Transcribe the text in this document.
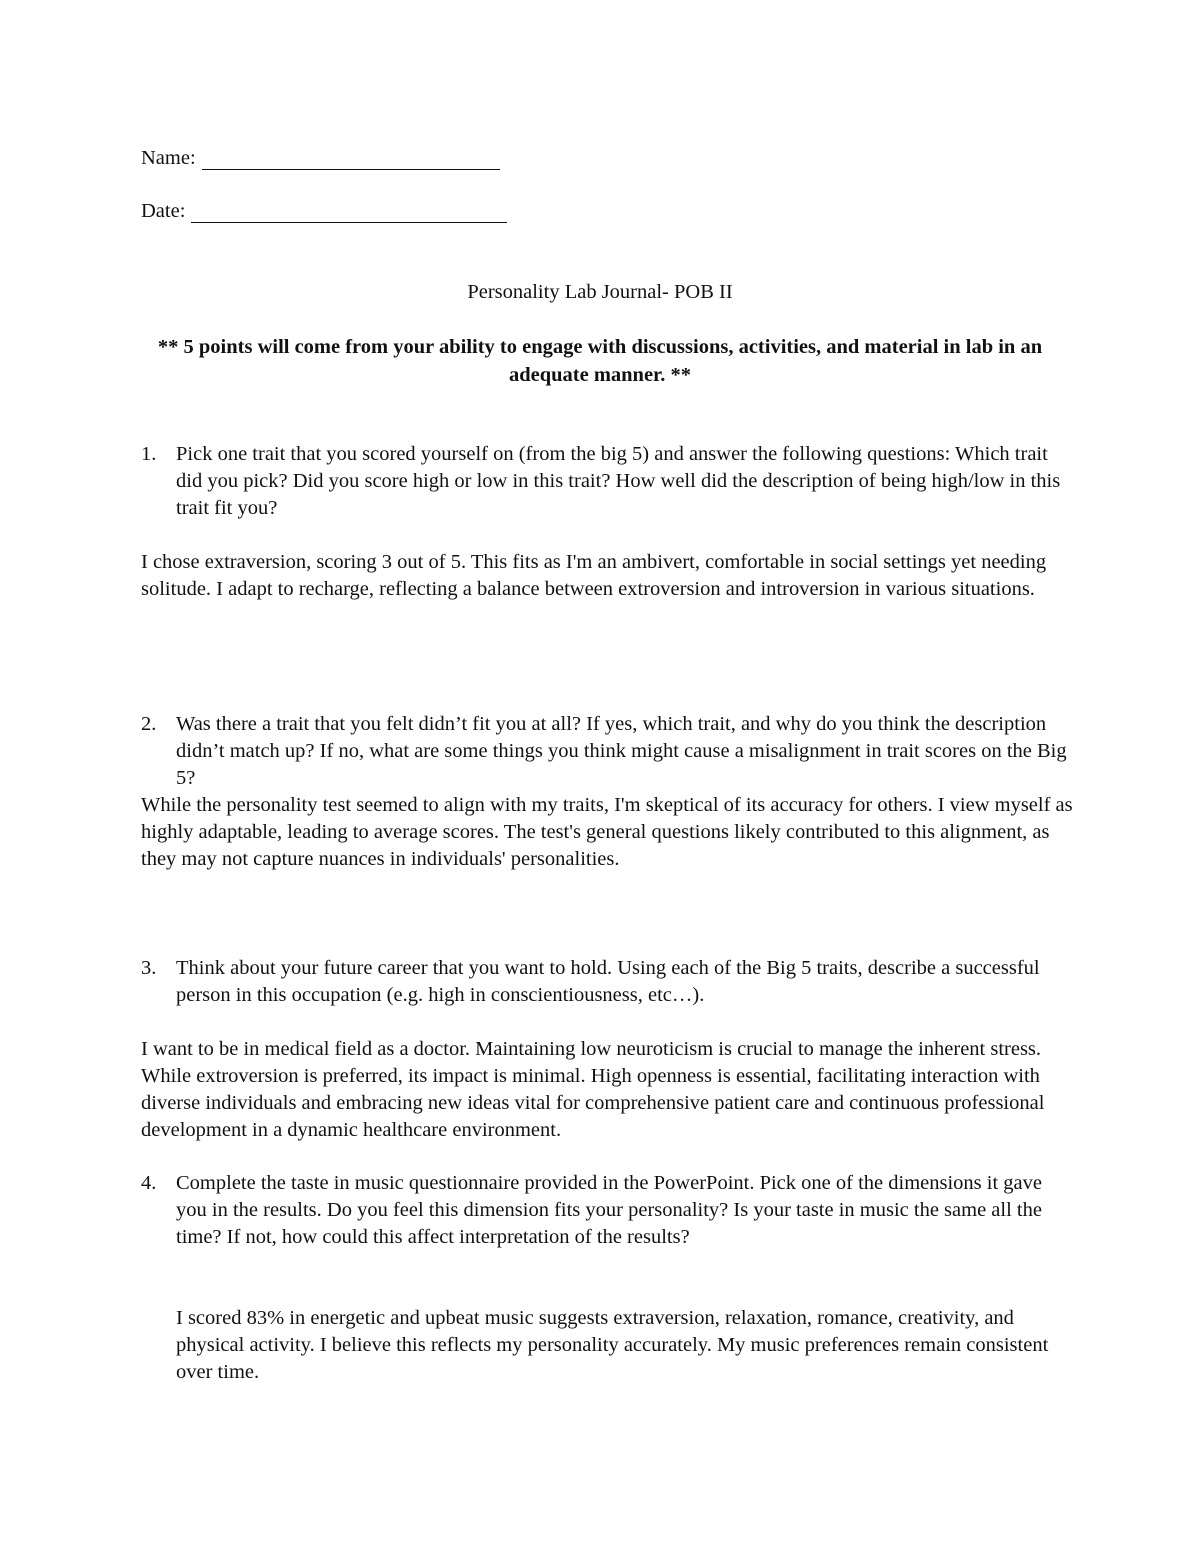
Name:
Date:
Personality Lab Journal- POB II
** 5 points will come from your ability to engage with discussions, activities, and material in lab in an adequate manner. **
1. Pick one trait that you scored yourself on (from the big 5) and answer the following questions: Which trait did you pick? Did you score high or low in this trait? How well did the description of being high/low in this trait fit you?
I chose extraversion, scoring 3 out of 5. This fits as I'm an ambivert, comfortable in social settings yet needing solitude. I adapt to recharge, reflecting a balance between extroversion and introversion in various situations.
2. Was there a trait that you felt didn’t fit you at all? If yes, which trait, and why do you think the description didn’t match up? If no, what are some things you think might cause a misalignment in trait scores on the Big 5?
While the personality test seemed to align with my traits, I'm skeptical of its accuracy for others. I view myself as highly adaptable, leading to average scores. The test's general questions likely contributed to this alignment, as they may not capture nuances in individuals' personalities.
3. Think about your future career that you want to hold. Using each of the Big 5 traits, describe a successful person in this occupation (e.g. high in conscientiousness, etc…).
I want to be in medical field as a doctor. Maintaining low neuroticism is crucial to manage the inherent stress. While extroversion is preferred, its impact is minimal. High openness is essential, facilitating interaction with diverse individuals and embracing new ideas vital for comprehensive patient care and continuous professional development in a dynamic healthcare environment.
4. Complete the taste in music questionnaire provided in the PowerPoint. Pick one of the dimensions it gave you in the results. Do you feel this dimension fits your personality? Is your taste in music the same all the time? If not, how could this affect interpretation of the results?
I scored 83% in energetic and upbeat music suggests extraversion, relaxation, romance, creativity, and physical activity. I believe this reflects my personality accurately. My music preferences remain consistent over time.
